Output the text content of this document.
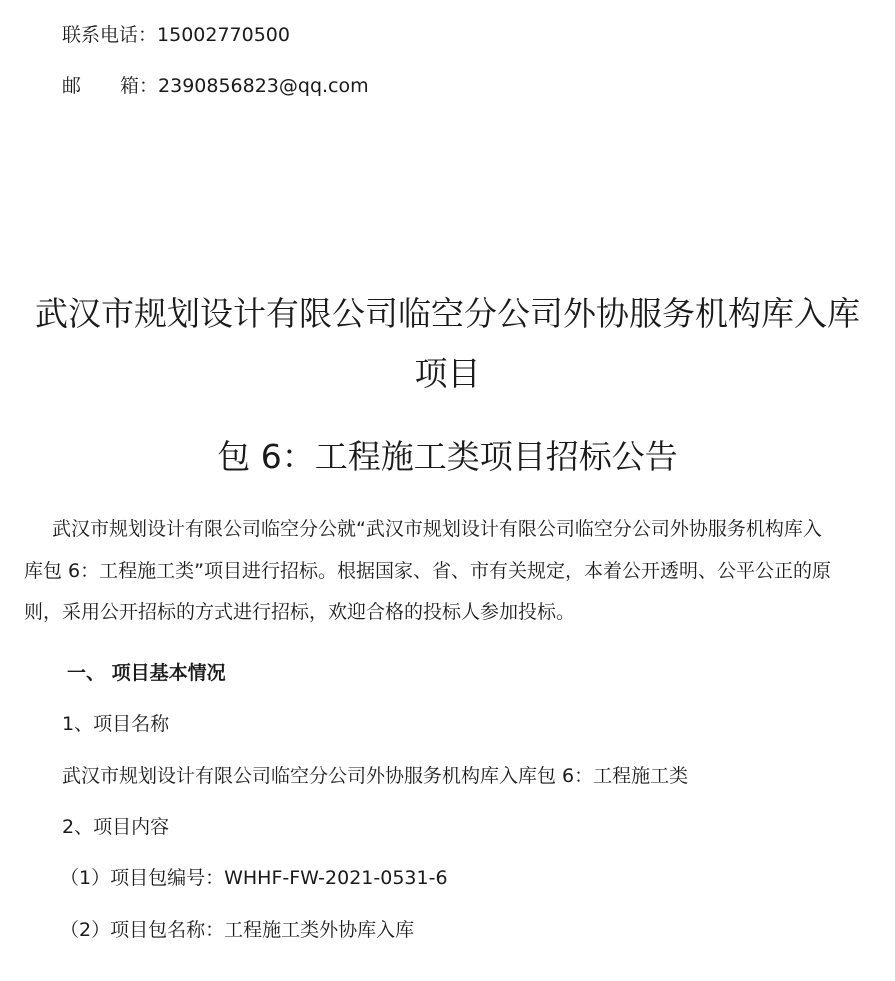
联系电话：15002770500
邮 箱：2390856823@qq.com
武汉市规划设计有限公司临空分公司外协服务机构库入库
项目
包 6：工程施工类项目招标公告
武汉市规划设计有限公司临空分公就“武汉市规划设计有限公司临空分公司外协服务机构库入
库包 6：工程施工类”项目进行招标。根据国家、省、市有关规定，本着公开透明、公平公正的原
则，采用公开招标的方式进行招标，欢迎合格的投标人参加投标。
一、 项目基本情况
1、项目名称
武汉市规划设计有限公司临空分公司外协服务机构库入库包 6：工程施工类
2、项目内容
（1）项目包编号：WHHF-FW-2021-0531-6
（2）项目包名称：工程施工类外协库入库
